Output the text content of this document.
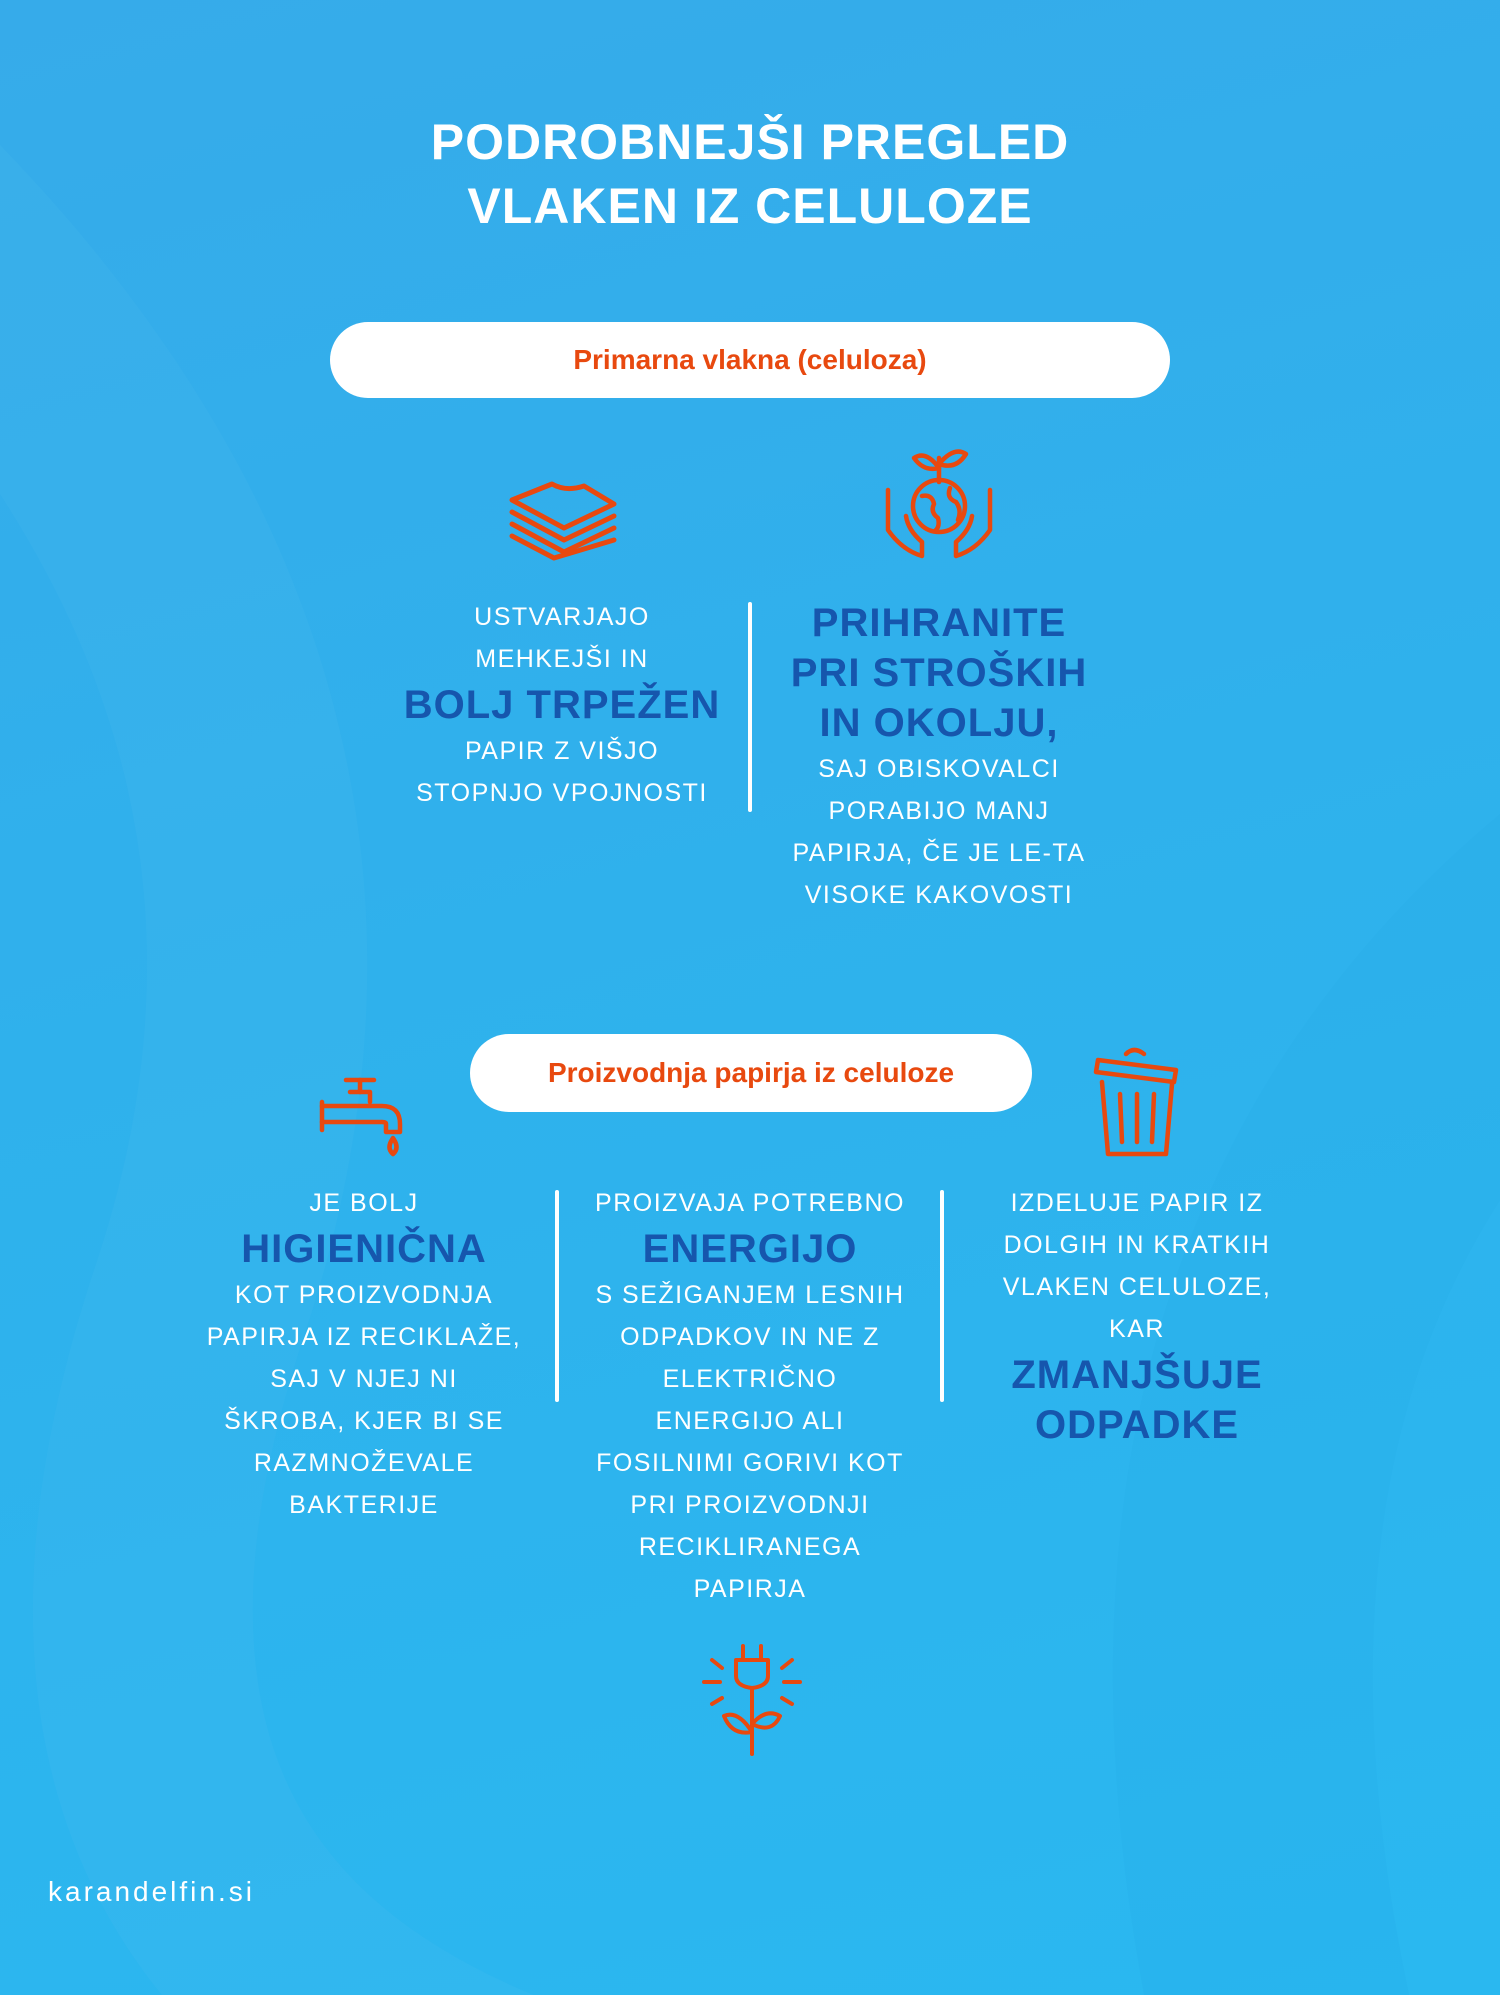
PODROBNEJŠI PREGLED
VLAKEN IZ CELULOZE
Primarna vlakna (celuloza)
USTVARJAJO
MEHKEJŠI IN
BOLJ TRPEŽEN
PAPIR Z VIŠJO
STOPNJO VPOJNOSTI
PRIHRANITE
PRI STROŠKIH
IN OKOLJU,
SAJ OBISKOVALCI
PORABIJO MANJ
PAPIRJA, ČE JE LE-TA
VISOKE KAKOVOSTI
Proizvodnja papirja iz celuloze
JE BOLJ
HIGIENIČNA
KOT PROIZVODNJA
PAPIRJA IZ RECIKLAŽE,
SAJ V NJEJ NI
ŠKROBA, KJER BI SE
RAZMNOŽEVALE
BAKTERIJE
PROIZVAJA POTREBNO
ENERGIJO
S SEŽIGANJEM LESNIH
ODPADKOV IN NE Z
ELEKTRIČNO
ENERGIJO ALI
FOSILNIMI GORIVI KOT
PRI PROIZVODNJI
RECIKLIRANEGA
PAPIRJA
IZDELUJE PAPIR IZ
DOLGIH IN KRATKIH
VLAKEN CELULOZE,
KAR
ZMANJŠUJE
ODPADKE
karandelfin.si
